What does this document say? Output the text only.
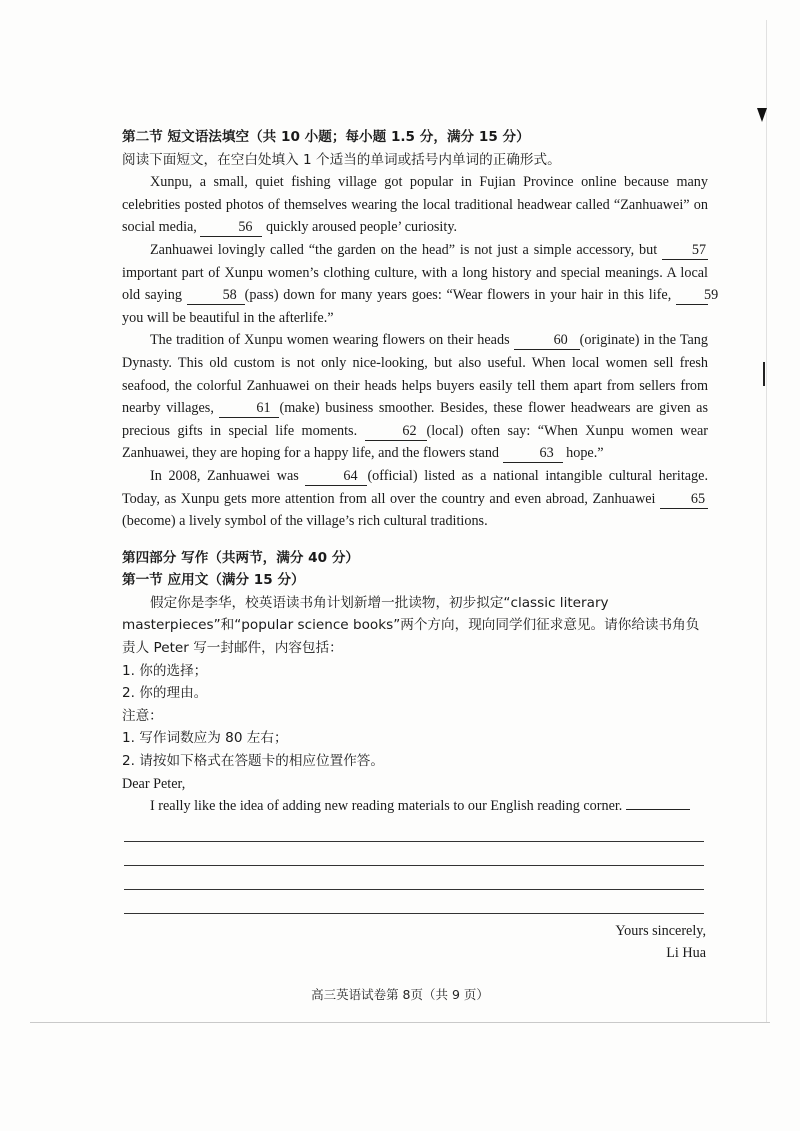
第二节 短文语法填空（共 10 小题；每小题 1.5 分，满分 15 分）

阅读下面短文，在空白处填入 1 个适当的单词或括号内单词的正确形式。

Xunpu, a small, quiet fishing village got popular in Fujian Province online because many celebrities posted photos of themselves wearing the local traditional headwear called “Zanhuawei” on social media,	56 quickly aroused people’ curiosity.

Zanhuawei lovingly called “the garden on the head” is not just a simple accessory, but 57 important part of Xunpu women’s clothing culture, with a long history and special meanings. A local old saying	58 (pass) down for many years goes: “Wear flowers in your hair in this life, 59 you will be beautiful in the afterlife.”

The tradition of Xunpu women wearing flowers on their heads	60 (originate) in the Tang Dynasty. This old custom is not only nice-looking, but also useful. When local women sell fresh seafood, the colorful Zanhuawei on their heads helps buyers easily tell them apart from sellers from nearby villages,	61 (make) business smoother. Besides, these flower headwears are given as precious gifts in special life moments.	62 (local) often say: “When Xunpu women wear Zanhuawei, they are hoping for a happy life, and the flowers stand	63 hope.”

In 2008, Zanhuawei was	64 (official) listed as a national intangible cultural heritage. Today, as Xunpu gets more attention from all over the country and even abroad, Zanhuawei 65 (become) a lively symbol of the village’s rich cultural traditions.

第四部分 写作（共两节，满分 40 分）

第一节 应用文（满分 15 分）

假定你是李华，校英语读书角计划新增一批读物，初步拟定“classic literary masterpieces”和“popular science books”两个方向，现向同学们征求意见。请你给读书角负责人 Peter 写一封邮件，内容包括：

1. 你的选择；

2. 你的理由。

注意：

1. 写作词数应为 80 左右；

2. 请按如下格式在答题卡的相应位置作答。

Dear Peter,

I really like the idea of adding new reading materials to our English reading corner.

Yours sincerely,

Li Hua

高三英语试卷第 8页（共 9 页）
